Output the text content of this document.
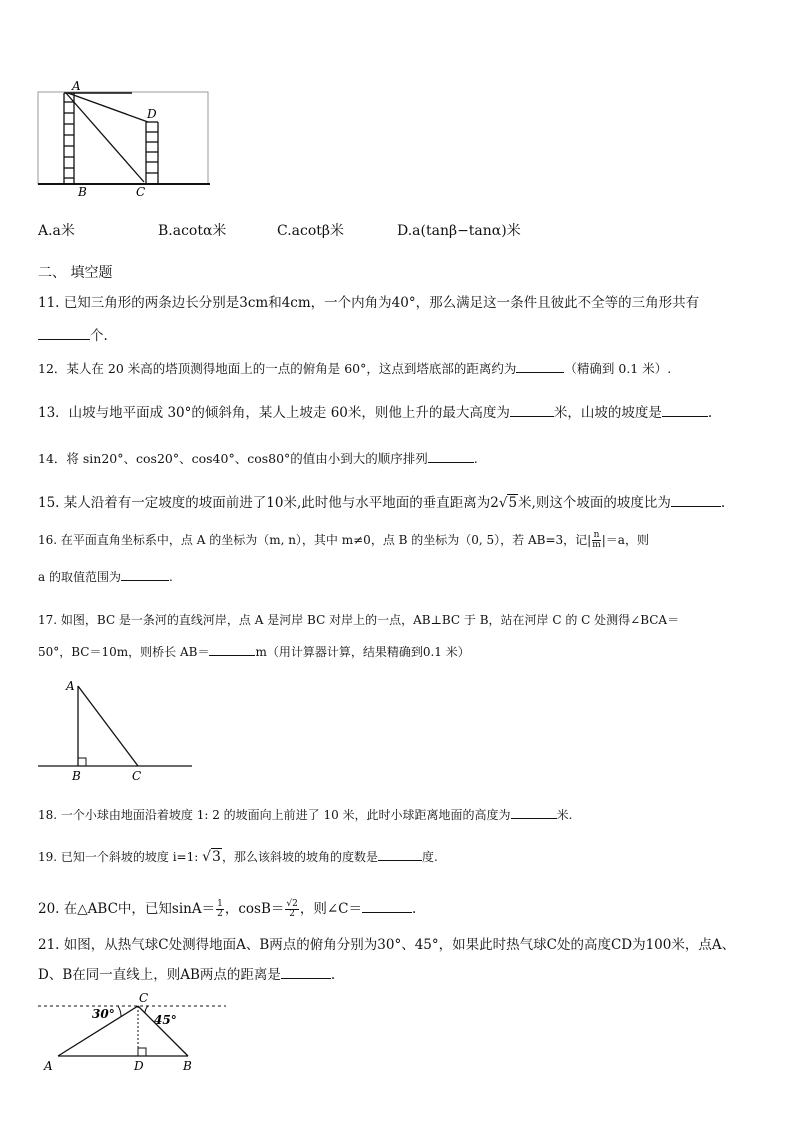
A
D
B	C
A.a米	B.acotα米	C.acotβ米	D.a(tanβ−tanα)米
二、 填空题
11. 已知三角形的两条边长分别是3cm和4cm，一个内角为40°，那么满足这一条件且彼此不全等的三角形共有
个.
12．某人在 20 米高的塔顶测得地面上的一点的俯角是 60°，这点到塔底部的距离约为	（精确到 0.1 米）.
13．山坡与地平面成 30°的倾斜角，某人上坡走 60米，则他上升的最大高度为	米，山坡的坡度是	.
14．将 sin20°、cos20°、cos40°、cos80°的值由小到大的顺序排列	.
15. 某人沿着有一定坡度的坡面前进了10米,此时他与水平地面的垂直距离为2√5米,则这个坡面的坡度比为	.
16. 在平面直角坐标系中，点 A 的坐标为（m, n），其中 m≠0，点 B 的坐标为（0, 5），若 AB=3，记| $\frac{n}{m} |=a$，则
a 的取值范围为	.
17. 如图，BC 是一条河的直线河岸，点 A 是河岸 BC 对岸上的一点，AB⊥BC 于 B，站在河岸 C 的 C 处测得∠BCA＝
50°，BC＝10m，则桥长 AB＝	m（用计算器计算，结果精确到0.1 米）
A
B	C
18. 一个小球由地面沿着坡度 1: 2 的坡面向上前进了 10 米，此时小球距离地面的高度为	米.
19. 已知一个斜坡的坡度 i=1: √3，那么该斜坡的坡角的度数是	度.
20. 在△ABC中，已知$\sin A= \frac{1}{2}$ ，$\cos B= \frac{√2}{2}$ ，则∠C＝	.
21. 如图，从热气球C处测得地面A、B两点的俯角分别为30°、45°，如果此时热气球C处的高度CD为100米，点A、
D、B在同一直线上，则AB两点的距离是	.
C
30°	45°
A	D	B
